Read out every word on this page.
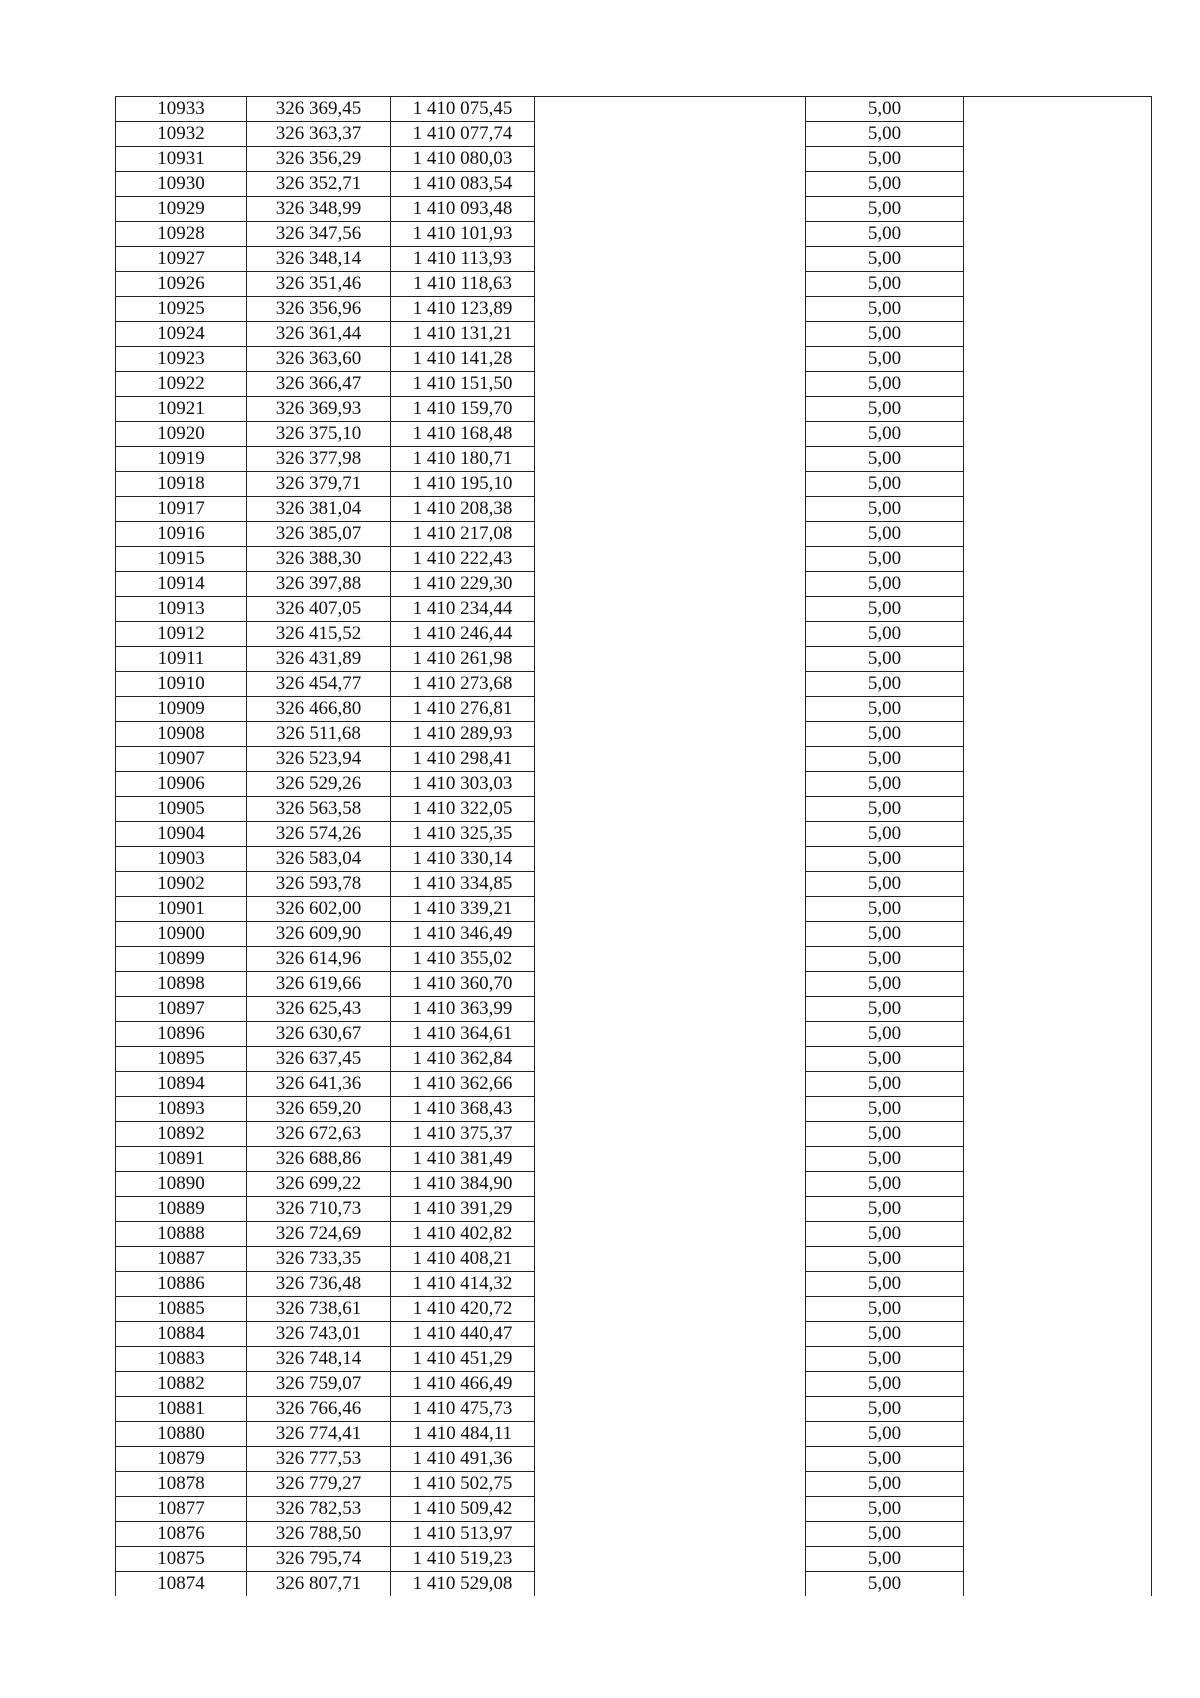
10933	326 369,45	1 410 075,45		5,00	
10932	326 363,37	1 410 077,74		5,00	
10931	326 356,29	1 410 080,03		5,00	
10930	326 352,71	1 410 083,54		5,00	
10929	326 348,99	1 410 093,48		5,00	
10928	326 347,56	1 410 101,93		5,00	
10927	326 348,14	1 410 113,93		5,00	
10926	326 351,46	1 410 118,63		5,00	
10925	326 356,96	1 410 123,89		5,00	
10924	326 361,44	1 410 131,21		5,00	
10923	326 363,60	1 410 141,28		5,00	
10922	326 366,47	1 410 151,50		5,00	
10921	326 369,93	1 410 159,70		5,00	
10920	326 375,10	1 410 168,48		5,00	
10919	326 377,98	1 410 180,71		5,00	
10918	326 379,71	1 410 195,10		5,00	
10917	326 381,04	1 410 208,38		5,00	
10916	326 385,07	1 410 217,08		5,00	
10915	326 388,30	1 410 222,43		5,00	
10914	326 397,88	1 410 229,30		5,00	
10913	326 407,05	1 410 234,44		5,00	
10912	326 415,52	1 410 246,44		5,00	
10911	326 431,89	1 410 261,98		5,00	
10910	326 454,77	1 410 273,68		5,00	
10909	326 466,80	1 410 276,81		5,00	
10908	326 511,68	1 410 289,93		5,00	
10907	326 523,94	1 410 298,41		5,00	
10906	326 529,26	1 410 303,03		5,00	
10905	326 563,58	1 410 322,05		5,00	
10904	326 574,26	1 410 325,35		5,00	
10903	326 583,04	1 410 330,14		5,00	
10902	326 593,78	1 410 334,85		5,00	
10901	326 602,00	1 410 339,21		5,00	
10900	326 609,90	1 410 346,49		5,00	
10899	326 614,96	1 410 355,02		5,00	
10898	326 619,66	1 410 360,70		5,00	
10897	326 625,43	1 410 363,99		5,00	
10896	326 630,67	1 410 364,61		5,00	
10895	326 637,45	1 410 362,84		5,00	
10894	326 641,36	1 410 362,66		5,00	
10893	326 659,20	1 410 368,43		5,00	
10892	326 672,63	1 410 375,37		5,00	
10891	326 688,86	1 410 381,49		5,00	
10890	326 699,22	1 410 384,90		5,00	
10889	326 710,73	1 410 391,29		5,00	
10888	326 724,69	1 410 402,82		5,00	
10887	326 733,35	1 410 408,21		5,00	
10886	326 736,48	1 410 414,32		5,00	
10885	326 738,61	1 410 420,72		5,00	
10884	326 743,01	1 410 440,47		5,00	
10883	326 748,14	1 410 451,29		5,00	
10882	326 759,07	1 410 466,49		5,00	
10881	326 766,46	1 410 475,73		5,00	
10880	326 774,41	1 410 484,11		5,00	
10879	326 777,53	1 410 491,36		5,00	
10878	326 779,27	1 410 502,75		5,00	
10877	326 782,53	1 410 509,42		5,00	
10876	326 788,50	1 410 513,97		5,00	
10875	326 795,74	1 410 519,23		5,00	
10874	326 807,71	1 410 529,08		5,00	
